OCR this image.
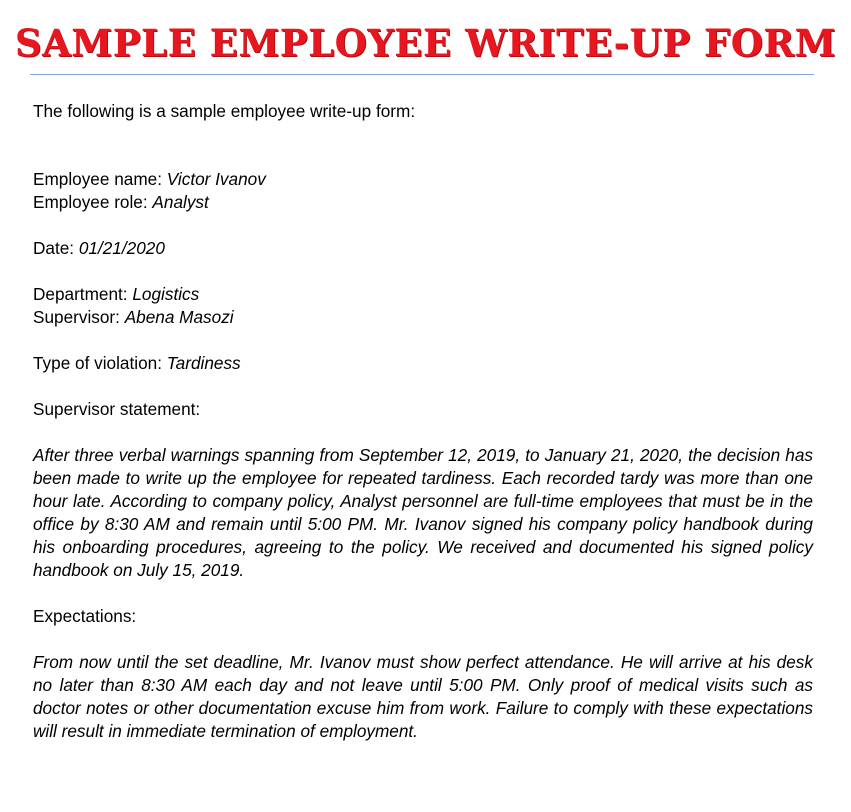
SAMPLE EMPLOYEE WRITE-UP FORM

The following is a sample employee write-up form:

Employee name: Victor Ivanov

Employee role: Analyst

Date: 01/21/2020

Department: Logistics

Supervisor: Abena Masozi

Type of violation: Tardiness

Supervisor statement:

After three verbal warnings spanning from September 12, 2019, to January 21, 2020, the decision has been made to write up the employee for repeated tardiness. Each recorded tardy was more than one hour late. According to company policy, Analyst personnel are full-time employees that must be in the office by 8:30 AM and remain until 5:00 PM. Mr. Ivanov signed his company policy handbook during his onboarding procedures, agreeing to the policy. We received and documented his signed policy handbook on July 15, 2019.

Expectations:

From now until the set deadline, Mr. Ivanov must show perfect attendance. He will arrive at his desk no later than 8:30 AM each day and not leave until 5:00 PM. Only proof of medical visits such as doctor notes or other documentation excuse him from work. Failure to comply with these expectations will result in immediate termination of employment.
